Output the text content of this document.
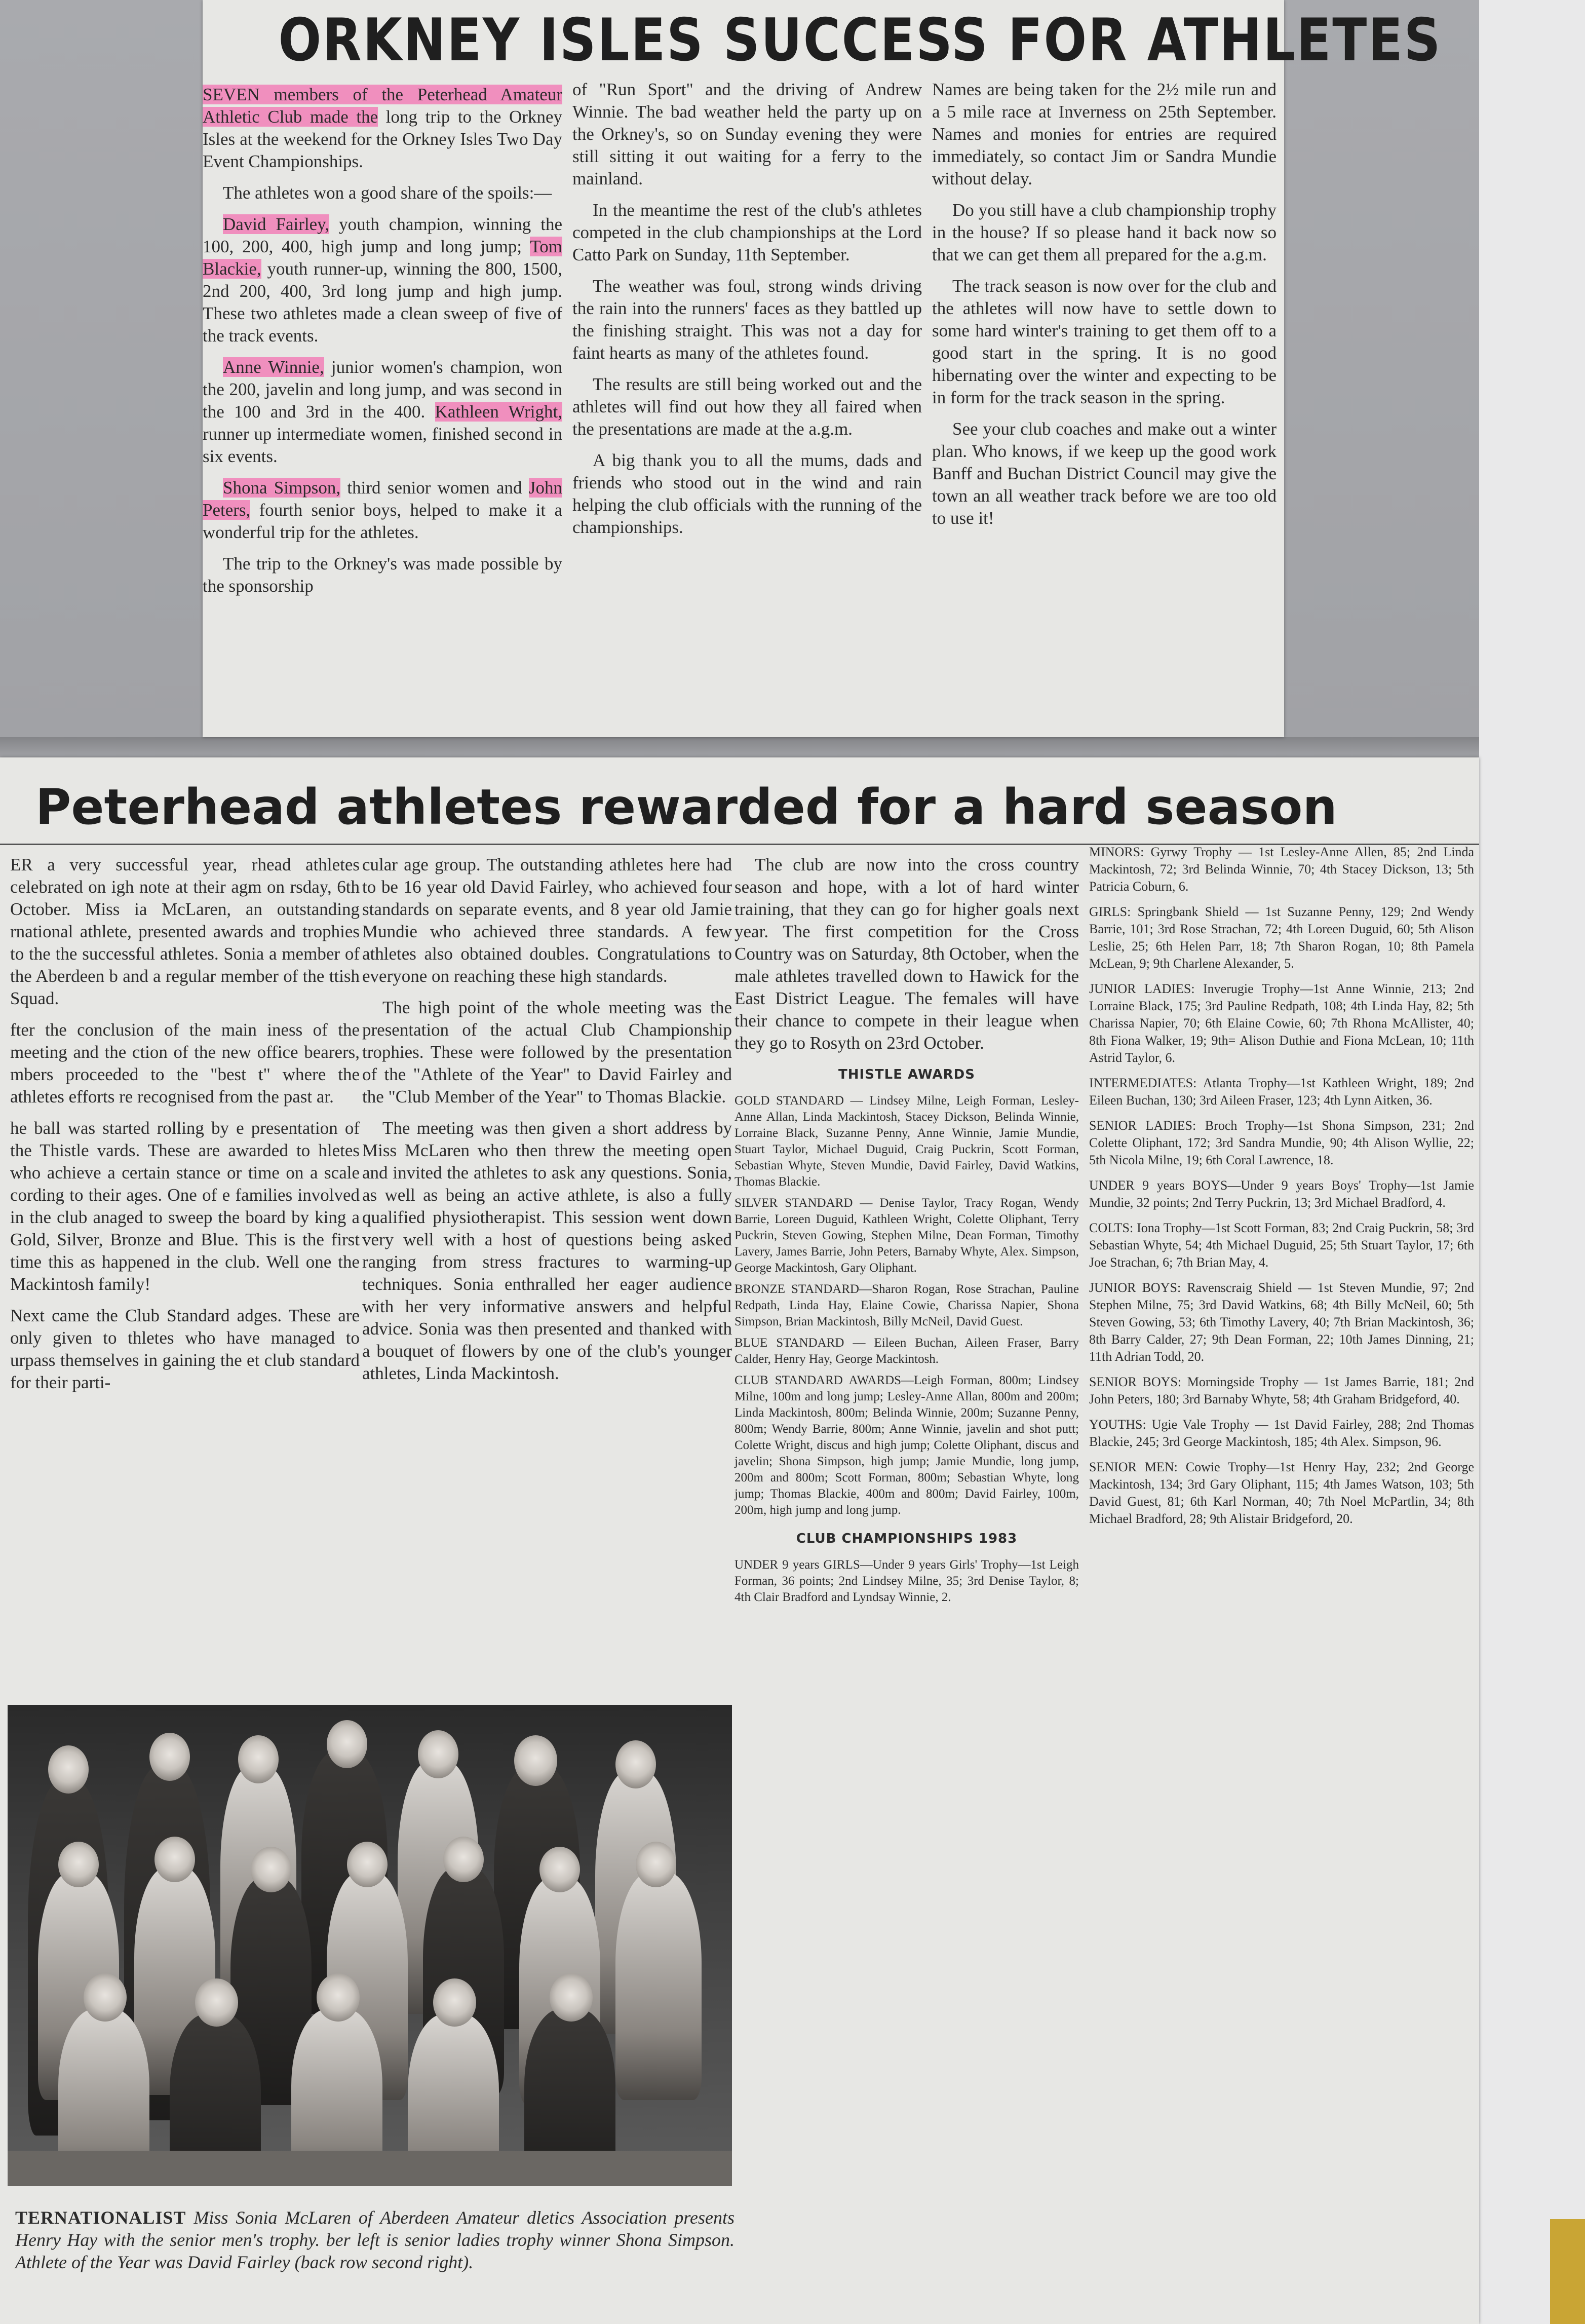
ORKNEY ISLES SUCCESS FOR ATHLETES

SEVEN members of the Peterhead Amateur Athletic Club made the long trip to the Orkney Isles at the weekend for the Orkney Isles Two Day Event Championships.

The athletes won a good share of the spoils:—

David Fairley, youth champion, winning the 100, 200, 400, high jump and long jump; Tom Blackie, youth runner-up, winning the 800, 1500, 2nd 200, 400, 3rd long jump and high jump. These two athletes made a clean sweep of five of the track events.

Anne Winnie, junior women's champion, won the 200, javelin and long jump, and was second in the 100 and 3rd in the 400. Kathleen Wright, runner up intermediate women, finished second in six events.

Shona Simpson, third senior women and John Peters, fourth senior boys, helped to make it a wonderful trip for the athletes.

The trip to the Orkney's was made possible by the sponsorship

of "Run Sport" and the driving of Andrew Winnie. The bad weather held the party up on the Orkney's, so on Sunday evening they were still sitting it out waiting for a ferry to the mainland.

In the meantime the rest of the club's athletes competed in the club championships at the Lord Catto Park on Sunday, 11th September.

The weather was foul, strong winds driving the rain into the runners' faces as they battled up the finishing straight. This was not a day for faint hearts as many of the athletes found.

The results are still being worked out and the athletes will find out how they all faired when the presentations are made at the a.g.m.

A big thank you to all the mums, dads and friends who stood out in the wind and rain helping the club officials with the running of the championships.

Names are being taken for the 2½ mile run and a 5 mile race at Inverness on 25th September. Names and monies for entries are required immediately, so contact Jim or Sandra Mundie without delay.

Do you still have a club championship trophy in the house? If so please hand it back now so that we can get them all prepared for the a.g.m.

The track season is now over for the club and the athletes will now have to settle down to some hard winter's training to get them off to a good start in the spring. It is no good hibernating over the winter and expecting to be in form for the track season in the spring.

See your club coaches and make out a winter plan. Who knows, if we keep up the good work Banff and Buchan District Council may give the town an all weather track before we are too old to use it!

Peterhead athletes rewarded for a hard season

ER a very successful year, rhead athletes celebrated on igh note at their agm on rsday, 6th October. Miss ia McLaren, an outstanding rnational athlete, presented awards and trophies to the the successful athletes. Sonia a member of the Aberdeen b and a regular member of the ttish Squad.

fter the conclusion of the main iness of the meeting and the ction of the new office bearers, mbers proceeded to the "best t" where the athletes efforts re recognised from the past ar.

he ball was started rolling by e presentation of the Thistle vards. These are awarded to hletes who achieve a certain stance or time on a scale cording to their ages. One of e families involved in the club anaged to sweep the board by king a Gold, Silver, Bronze and Blue. This is the first time this as happened in the club. Well one the Mackintosh family!

Next came the Club Standard adges. These are only given to thletes who have managed to urpass themselves in gaining the et club standard for their parti-

cular age group. The outstanding athletes here had to be 16 year old David Fairley, who achieved four standards on separate events, and 8 year old Jamie Mundie who achieved three standards. A few athletes also obtained doubles. Congratulations to everyone on reaching these high standards.

The high point of the whole meeting was the presentation of the actual Club Championship trophies. These were followed by the presentation of the "Athlete of the Year" to David Fairley and the "Club Member of the Year" to Thomas Blackie.

The meeting was then given a short address by Miss McLaren who then threw the meeting open and invited the athletes to ask any questions. Sonia, as well as being an active athlete, is also a fully qualified physiotherapist. This session went down very well with a host of questions being asked ranging from stress fractures to warming-up techniques. Sonia enthralled her eager audience with her very informative answers and helpful advice. Sonia was then presented and thanked with a bouquet of flowers by one of the club's younger athletes, Linda Mackintosh.

The club are now into the cross country season and hope, with a lot of hard winter training, that they can go for higher goals next year. The first competition for the Cross Country was on Saturday, 8th October, when the male athletes travelled down to Hawick for the East District League. The females will have their chance to compete in their league when they go to Rosyth on 23rd October.

THISTLE AWARDS

GOLD STANDARD — Lindsey Milne, Leigh Forman, Lesley-Anne Allan, Linda Mackintosh, Stacey Dickson, Belinda Winnie, Lorraine Black, Suzanne Penny, Anne Winnie, Jamie Mundie, Stuart Taylor, Michael Duguid, Craig Puckrin, Scott Forman, Sebastian Whyte, Steven Mundie, David Fairley, David Watkins, Thomas Blackie.

SILVER STANDARD — Denise Taylor, Tracy Rogan, Wendy Barrie, Loreen Duguid, Kathleen Wright, Colette Oliphant, Terry Puckrin, Steven Gowing, Stephen Milne, Dean Forman, Timothy Lavery, James Barrie, John Peters, Barnaby Whyte, Alex. Simpson, George Mackintosh, Gary Oliphant.

BRONZE STANDARD—Sharon Rogan, Rose Strachan, Pauline Redpath, Linda Hay, Elaine Cowie, Charissa Napier, Shona Simpson, Brian Mackintosh, Billy McNeil, David Guest.

BLUE STANDARD — Eileen Buchan, Aileen Fraser, Barry Calder, Henry Hay, George Mackintosh.

CLUB STANDARD AWARDS—Leigh Forman, 800m; Lindsey Milne, 100m and long jump; Lesley-Anne Allan, 800m and 200m; Linda Mackintosh, 800m; Belinda Winnie, 200m; Suzanne Penny, 800m; Wendy Barrie, 800m; Anne Winnie, javelin and shot putt; Colette Wright, discus and high jump; Colette Oliphant, discus and javelin; Shona Simpson, high jump; Jamie Mundie, long jump, 200m and 800m; Scott Forman, 800m; Sebastian Whyte, long jump; Thomas Blackie, 400m and 800m; David Fairley, 100m, 200m, high jump and long jump.

CLUB CHAMPIONSHIPS 1983

UNDER 9 years GIRLS—Under 9 years Girls' Trophy—1st Leigh Forman, 36 points; 2nd Lindsey Milne, 35; 3rd Denise Taylor, 8; 4th Clair Bradford and Lyndsay Winnie, 2.

MINORS: Gyrwy Trophy — 1st Lesley-Anne Allen, 85; 2nd Linda Mackintosh, 72; 3rd Belinda Winnie, 70; 4th Stacey Dickson, 13; 5th Patricia Coburn, 6.

GIRLS: Springbank Shield — 1st Suzanne Penny, 129; 2nd Wendy Barrie, 101; 3rd Rose Strachan, 72; 4th Loreen Duguid, 60; 5th Alison Leslie, 25; 6th Helen Parr, 18; 7th Sharon Rogan, 10; 8th Pamela McLean, 9; 9th Charlene Alexander, 5.

JUNIOR LADIES: Inverugie Trophy—1st Anne Winnie, 213; 2nd Lorraine Black, 175; 3rd Pauline Redpath, 108; 4th Linda Hay, 82; 5th Charissa Napier, 70; 6th Elaine Cowie, 60; 7th Rhona McAllister, 40; 8th Fiona Walker, 19; 9th= Alison Duthie and Fiona McLean, 10; 11th Astrid Taylor, 6.

INTERMEDIATES: Atlanta Trophy—1st Kathleen Wright, 189; 2nd Eileen Buchan, 130; 3rd Aileen Fraser, 123; 4th Lynn Aitken, 36.

SENIOR LADIES: Broch Trophy—1st Shona Simpson, 231; 2nd Colette Oliphant, 172; 3rd Sandra Mundie, 90; 4th Alison Wyllie, 22; 5th Nicola Milne, 19; 6th Coral Lawrence, 18.

UNDER 9 years BOYS—Under 9 years Boys' Trophy—1st Jamie Mundie, 32 points; 2nd Terry Puckrin, 13; 3rd Michael Bradford, 4.

COLTS: Iona Trophy—1st Scott Forman, 83; 2nd Craig Puckrin, 58; 3rd Sebastian Whyte, 54; 4th Michael Duguid, 25; 5th Stuart Taylor, 17; 6th Joe Strachan, 6; 7th Brian May, 4.

JUNIOR BOYS: Ravenscraig Shield — 1st Steven Mundie, 97; 2nd Stephen Milne, 75; 3rd David Watkins, 68; 4th Billy McNeil, 60; 5th Steven Gowing, 53; 6th Timothy Lavery, 40; 7th Brian Mackintosh, 36; 8th Barry Calder, 27; 9th Dean Forman, 22; 10th James Dinning, 21; 11th Adrian Todd, 20.

SENIOR BOYS: Morningside Trophy — 1st James Barrie, 181; 2nd John Peters, 180; 3rd Barnaby Whyte, 58; 4th Graham Bridgeford, 40.

YOUTHS: Ugie Vale Trophy — 1st David Fairley, 288; 2nd Thomas Blackie, 245; 3rd George Mackintosh, 185; 4th Alex. Simpson, 96.

SENIOR MEN: Cowie Trophy—1st Henry Hay, 232; 2nd George Mackintosh, 134; 3rd Gary Oliphant, 115; 4th James Watson, 103; 5th David Guest, 81; 6th Karl Norman, 40; 7th Noel McPartlin, 34; 8th Michael Bradford, 28; 9th Alistair Bridgeford, 20.

TERNATIONALIST Miss Sonia McLaren of Aberdeen Amateur dletics Association presents Henry Hay with the senior men's trophy. ber left is senior ladies trophy winner Shona Simpson. Athlete of the Year was David Fairley (back row second right).
